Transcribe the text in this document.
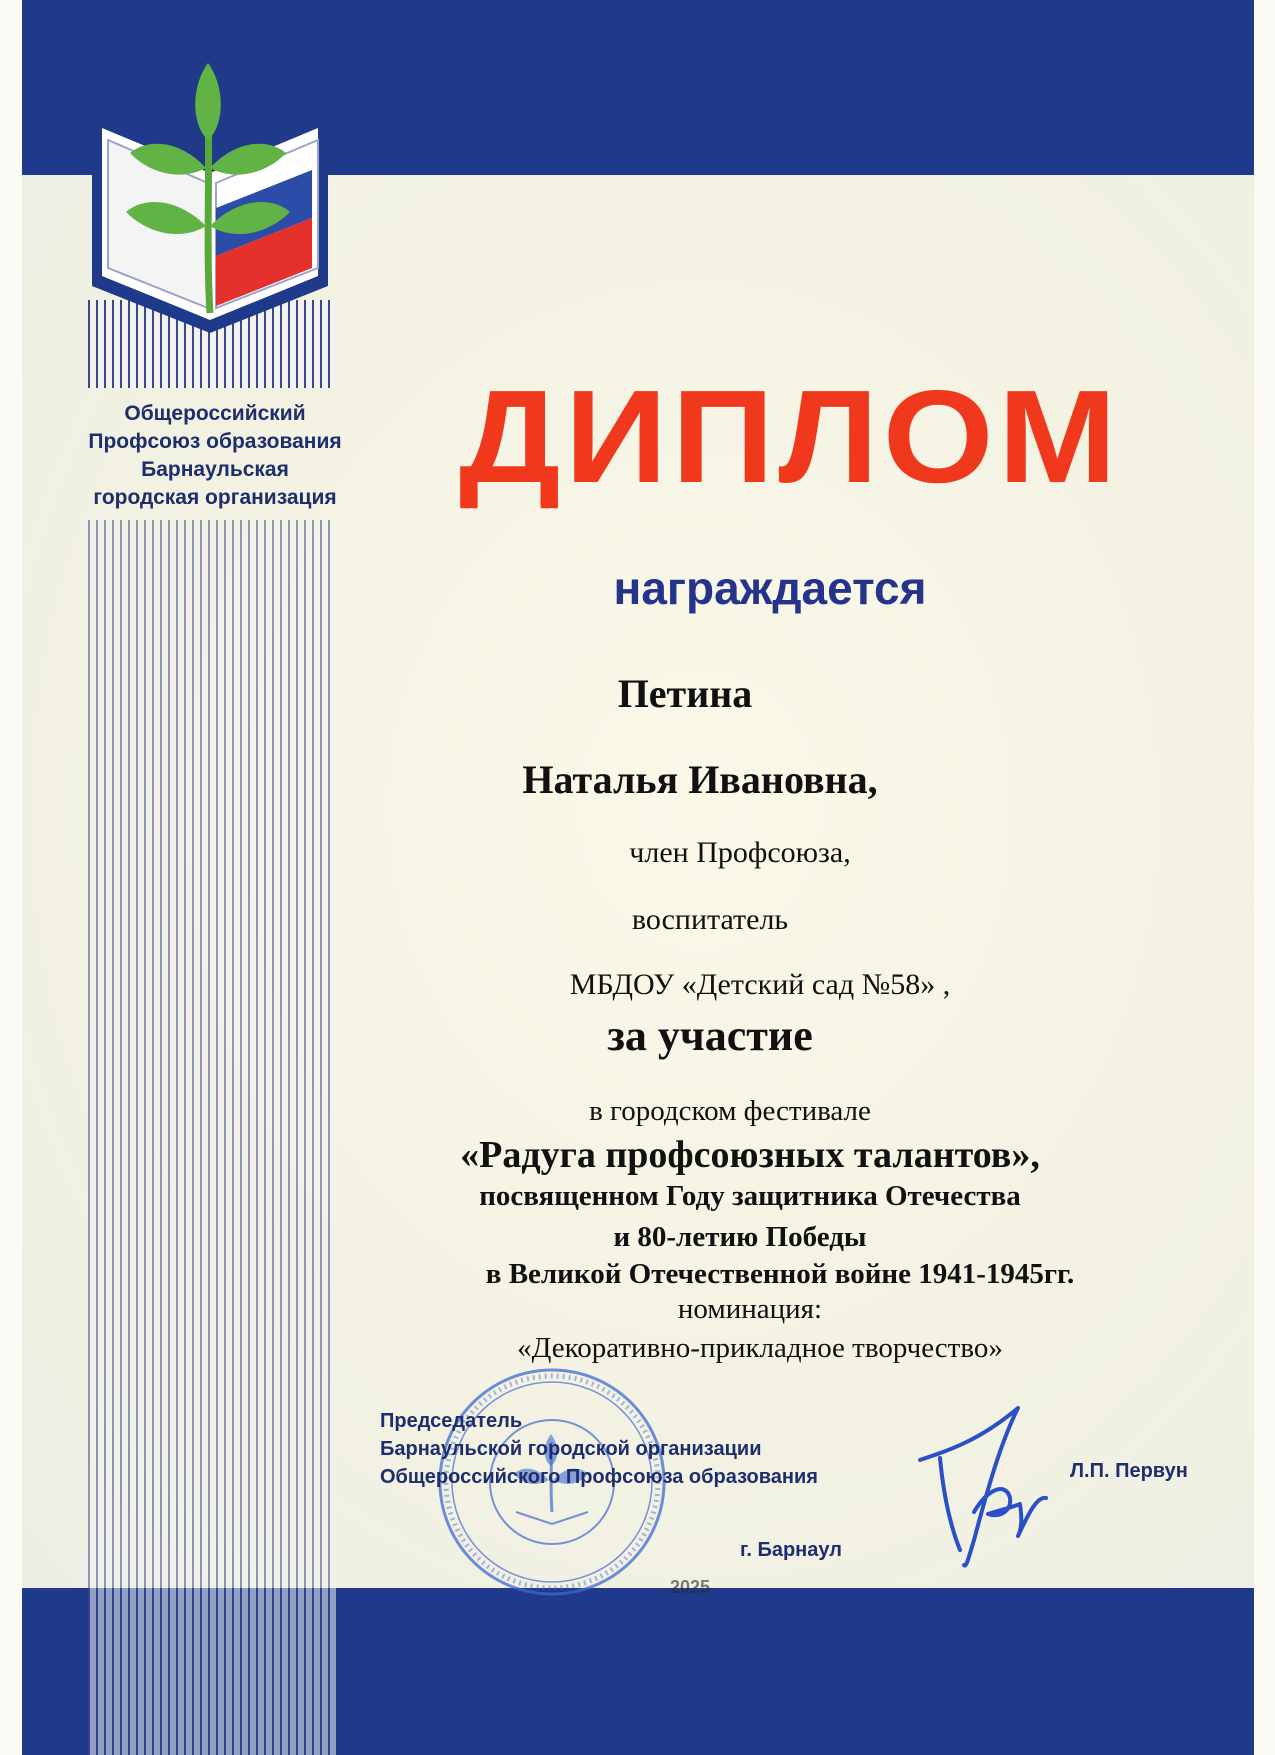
Общероссийский
Профсоюз образования
Барнаульская
городская организация ДИПЛОМ
награждается
Петина
Наталья Ивановна,
член Профсоюза,
воспитатель
МБДОУ «Детский сад №58» ,
за участие
в городском фестивале
«Радуга профсоюзных талантов»,
посвященном Году защитника Отечества
и 80-летию Победы
в Великой Отечественной войне 1941-1945гг.
номинация:
«Декоративно-прикладное творчество»
Председатель
Барнаульской городской организации
Общероссийского Профсоюза образования	Л.П. Первун
г. Барнаул
2025
